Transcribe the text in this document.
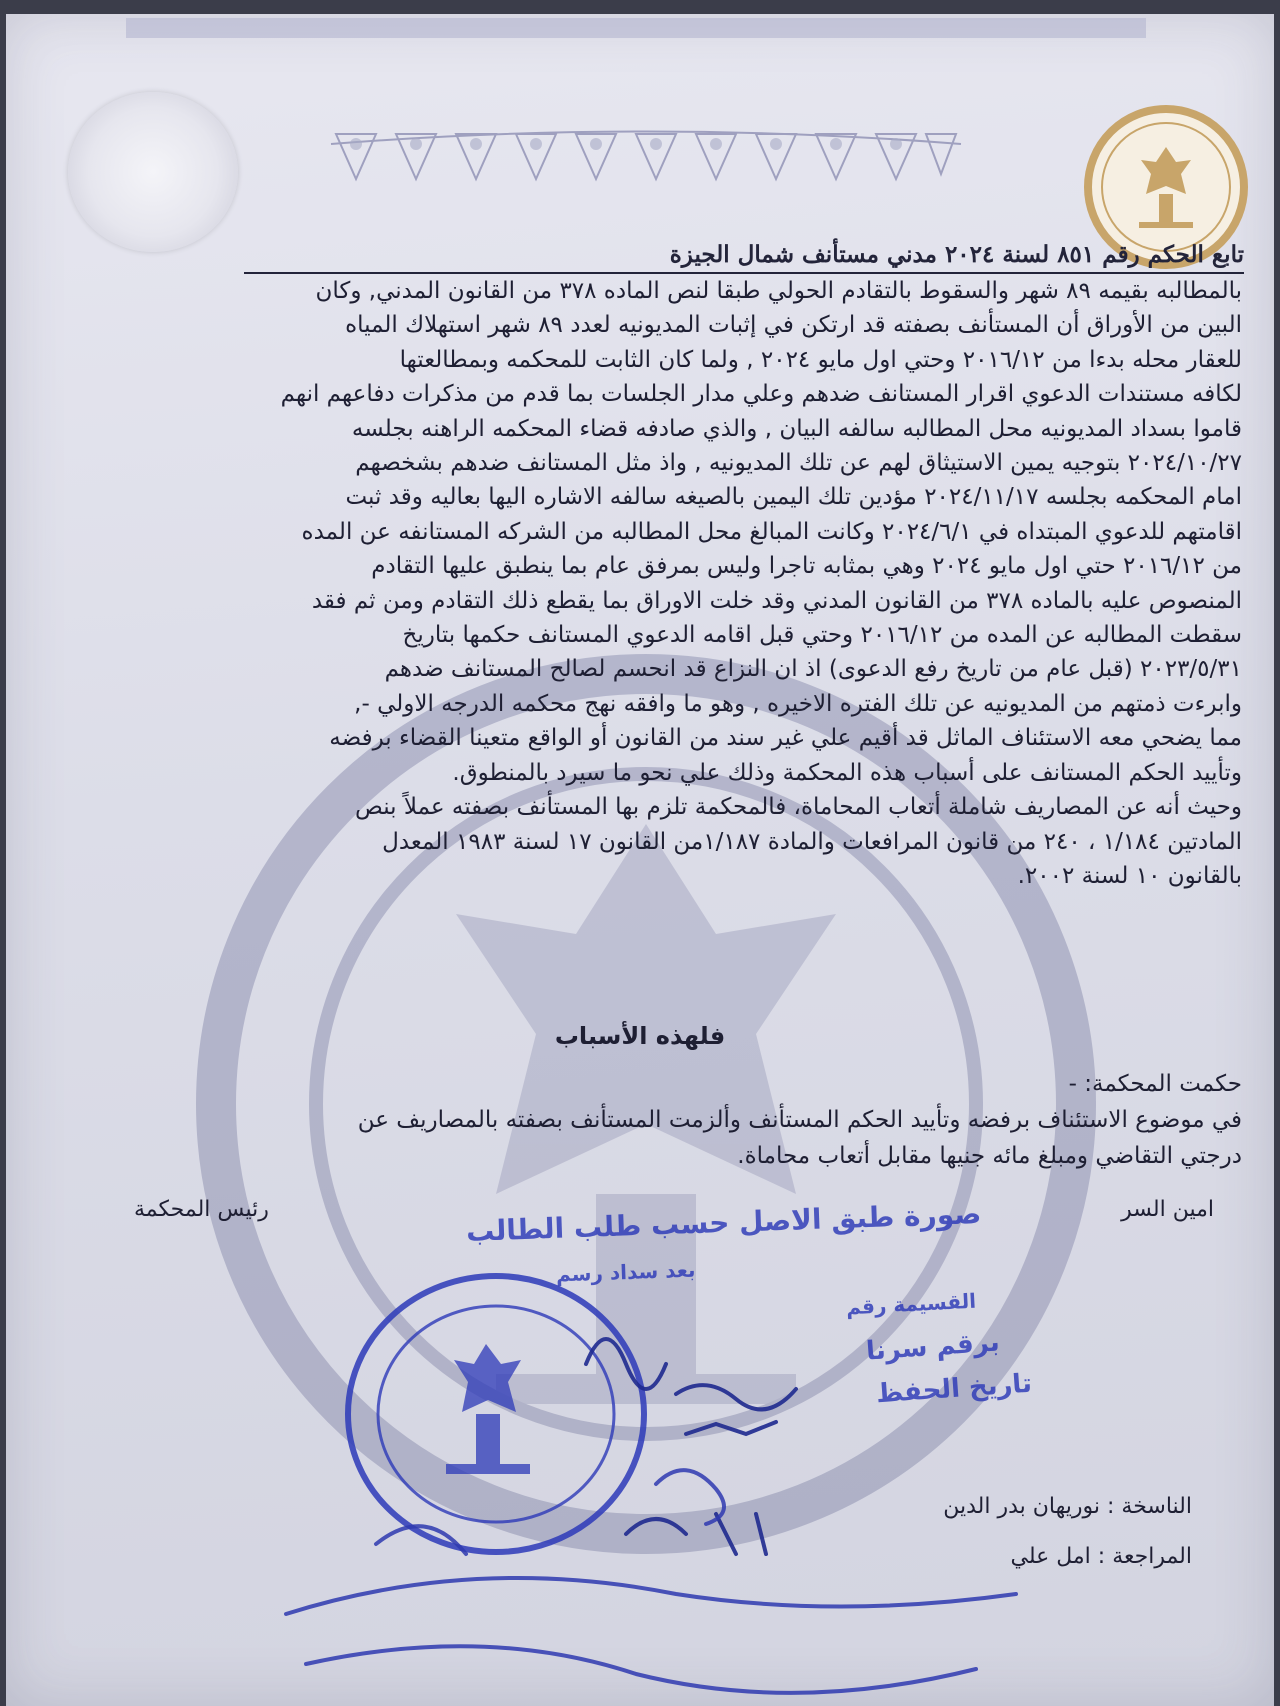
صورة طبق الاصل حسب طلب الطالب
بعد سداد رسم
القسيمة رقم
برقم سرنا
تاريخ الحفظ
تابع الحكم رقم ٨٥١ لسنة ٢٠٢٤ مدني مستأنف شمال الجيزة
بالمطالبه بقيمه ٨٩ شهر والسقوط بالتقادم الحولي طبقا لنص الماده ٣٧٨ من القانون المدني, وكان
البين من الأوراق أن المستأنف بصفته قد ارتكن في إثبات المديونيه لعدد ٨٩ شهر استهلاك المياه
للعقار محله بدءا من ٢٠١٦/١٢ وحتي اول مايو ٢٠٢٤ , ولما كان الثابت للمحكمه وبمطالعتها
لكافه مستندات الدعوي اقرار المستانف ضدهم وعلي مدار الجلسات بما قدم من مذكرات دفاعهم انهم
قاموا بسداد المديونيه محل المطالبه سالفه البيان , والذي صادفه قضاء المحكمه الراهنه بجلسه
٢٠٢٤/١٠/٢٧ بتوجيه يمين الاستيثاق لهم عن تلك المديونيه , واذ مثل المستانف ضدهم بشخصهم
امام المحكمه بجلسه ٢٠٢٤/١١/١٧ مؤدين تلك اليمين بالصيغه سالفه الاشاره اليها بعاليه وقد ثبت
اقامتهم للدعوي المبتداه في ٢٠٢٤/٦/١ وكانت المبالغ محل المطالبه من الشركه المستانفه عن المده
من ٢٠١٦/١٢ حتي اول مايو ٢٠٢٤ وهي بمثابه تاجرا وليس بمرفق عام بما ينطبق عليها التقادم
المنصوص عليه بالماده ٣٧٨ من القانون المدني وقد خلت الاوراق بما يقطع ذلك التقادم ومن ثم فقد
سقطت المطالبه عن المده من ٢٠١٦/١٢ وحتي قبل اقامه الدعوي المستانف حكمها بتاريخ
٢٠٢٣/٥/٣١ (قبل عام من تاريخ رفع الدعوى) اذ ان النزاع قد انحسم لصالح المستانف ضدهم
وابرءت ذمتهم من المديونيه عن تلك الفتره الاخيره , وهو ما وافقه نهج محكمه الدرجه الاولي -,
مما يضحي معه الاستئناف الماثل قد أقيم علي غير سند من القانون أو الواقع متعينا القضاء برفضه
وتأييد الحكم المستانف على أسباب هذه المحكمة وذلك علي نحو ما سيرد بالمنطوق.
وحيث أنه عن المصاريف شاملة أتعاب المحاماة، فالمحكمة تلزم بها المستأنف بصفته عملاً بنص
المادتين ١/١٨٤ ، ٢٤٠ من قانون المرافعات والمادة ١/١٨٧من القانون ١٧ لسنة ١٩٨٣ المعدل
بالقانون ١٠ لسنة ٢٠٠٢.
فلهذه الأسباب
حكمت المحكمة: -
في موضوع الاستئناف برفضه وتأييد الحكم المستأنف وألزمت المستأنف بصفته بالمصاريف عن
درجتي التقاضي ومبلغ مائه جنيها مقابل أتعاب محاماة.
امين السر
رئيس المحكمة
الناسخة : نوريهان بدر الدين
المراجعة : امل علي
